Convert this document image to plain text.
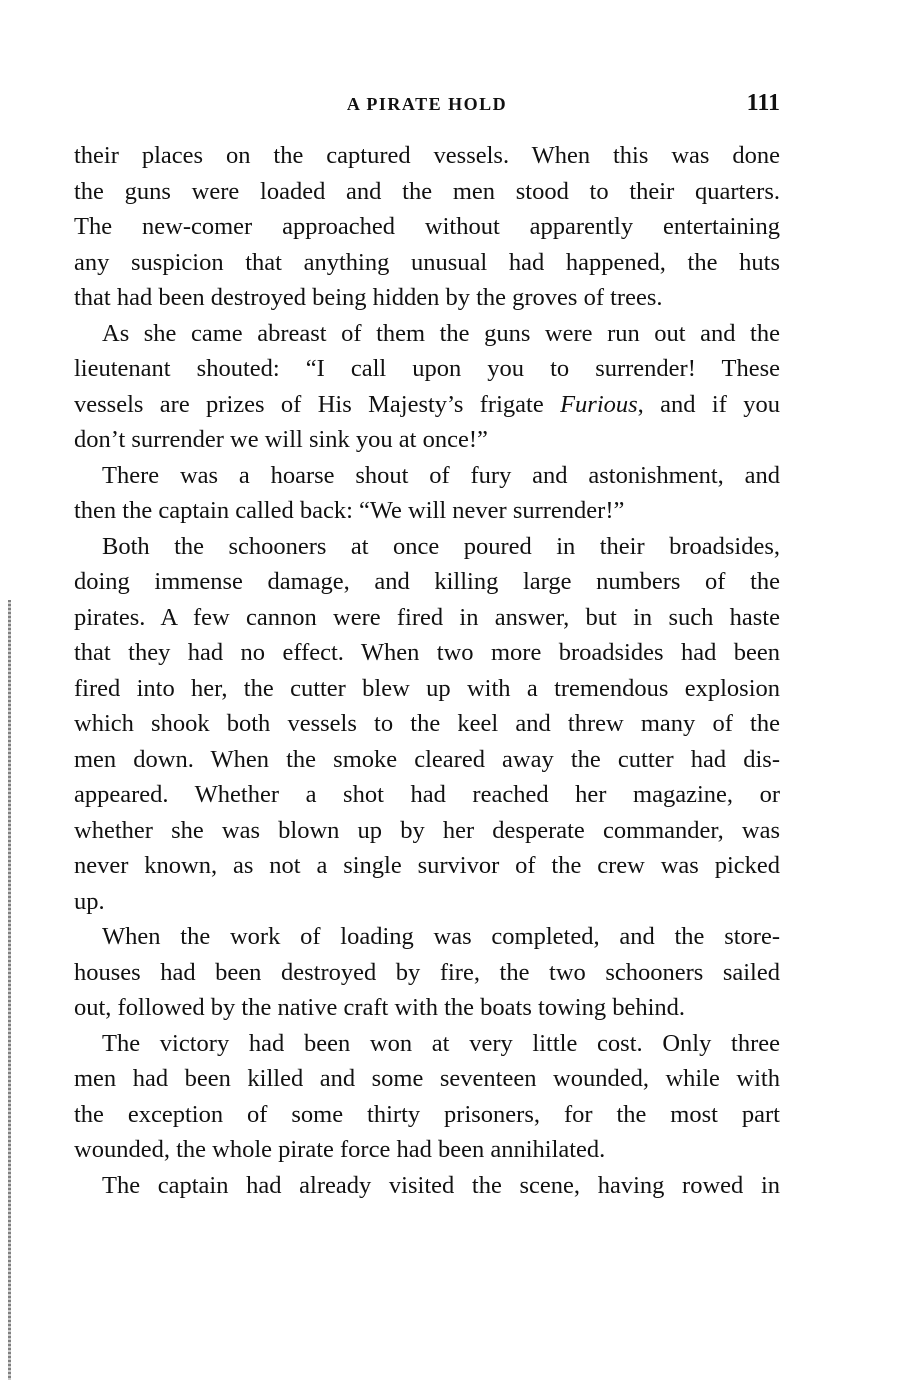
A PIRATE HOLD	111
their places on the captured vessels. When this was done
the guns were loaded and the men stood to their quarters.
The new-comer approached without apparently entertaining
any suspicion that anything unusual had happened, the huts
that had been destroyed being hidden by the groves of trees.
As she came abreast of them the guns were run out and the
lieutenant shouted: “I call upon you to surrender! These
vessels are prizes of His Majesty’s frigate Furious, and if you
don’t surrender we will sink you at once!”
There was a hoarse shout of fury and astonishment, and
then the captain called back: “We will never surrender!”
Both the schooners at once poured in their broadsides,
doing immense damage, and killing large numbers of the
pirates. A few cannon were fired in answer, but in such haste
that they had no effect. When two more broadsides had been
fired into her, the cutter blew up with a tremendous explosion
which shook both vessels to the keel and threw many of the
men down. When the smoke cleared away the cutter had dis-
appeared. Whether a shot had reached her magazine, or
whether she was blown up by her desperate commander, was
never known, as not a single survivor of the crew was picked
up.
When the work of loading was completed, and the store-
houses had been destroyed by fire, the two schooners sailed
out, followed by the native craft with the boats towing behind.
The victory had been won at very little cost. Only three
men had been killed and some seventeen wounded, while with
the exception of some thirty prisoners, for the most part
wounded, the whole pirate force had been annihilated.
The captain had already visited the scene, having rowed in
